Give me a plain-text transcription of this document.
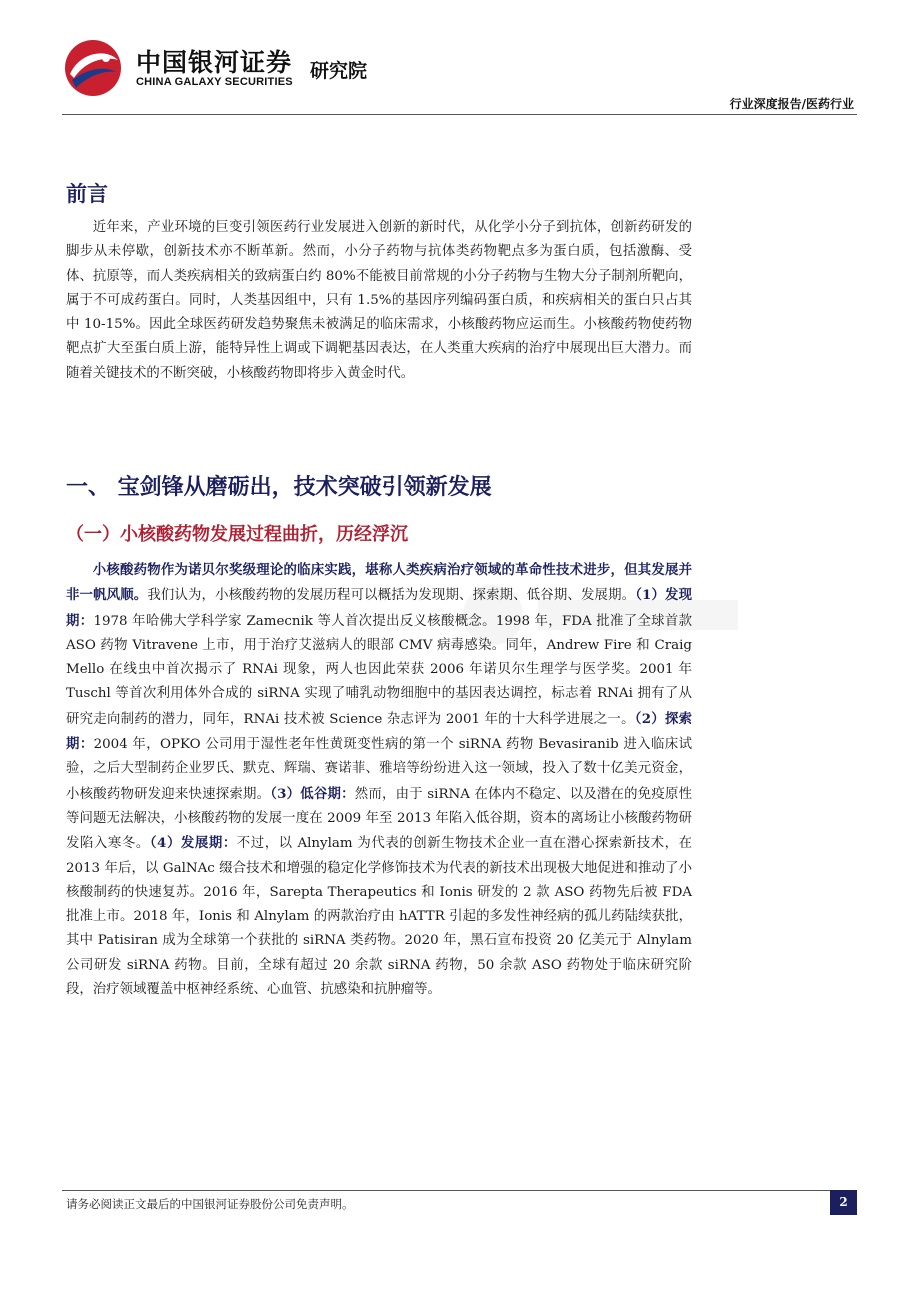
中国银河证券
CHINA GALAXY SECURITIES 研究院
行业深度报告/医药行业
前言

近年来，产业环境的巨变引领医药行业发展进入创新的新时代，从化学小分子到抗体，创新药研发的脚步从未停歇，创新技术亦不断革新。然而，小分子药物与抗体类药物靶点多为蛋白质，包括激酶、受体、抗原等，而人类疾病相关的致病蛋白约 80%不能被目前常规的小分子药物与生物大分子制剂所靶向，属于不可成药蛋白。同时，人类基因组中，只有 1.5%的基因序列编码蛋白质，和疾病相关的蛋白只占其中 10-15%。因此全球医药研发趋势聚焦未被满足的临床需求，小核酸药物应运而生。小核酸药物使药物靶点扩大至蛋白质上游，能特异性上调或下调靶基因表达，在人类重大疾病的治疗中展现出巨大潜力。而随着关键技术的不断突破，小核酸药物即将步入黄金时代。

一、 宝剑锋从磨砺出，技术突破引领新发展
（一）小核酸药物发展过程曲折，历经浮沉

小核酸药物作为诺贝尔奖级理论的临床实践，堪称人类疾病治疗领域的革命性技术进步，但其发展并非一帆风顺。我们认为，小核酸药物的发展历程可以概括为发现期、探索期、低谷期、发展期。（1）发现期：1978 年哈佛大学科学家 Zamecnik 等人首次提出反义核酸概念。1998 年，FDA 批准了全球首款 ASO 药物 Vitravene 上市，用于治疗艾滋病人的眼部 CMV 病毒感染。同年，Andrew Fire 和 Craig Mello 在线虫中首次揭示了 RNAi 现象，两人也因此荣获 2006 年诺贝尔生理学与医学奖。2001 年 Tuschl 等首次利用体外合成的 siRNA 实现了哺乳动物细胞中的基因表达调控，标志着 RNAi 拥有了从研究走向制药的潜力，同年，RNAi 技术被 Science 杂志评为 2001 年的十大科学进展之一。（2）探索期：2004 年，OPKO 公司用于湿性老年性黄斑变性病的第一个 siRNA 药物 Bevasiranib 进入临床试验，之后大型制药企业罗氏、默克、辉瑞、赛诺菲、雅培等纷纷进入这一领域，投入了数十亿美元资金，小核酸药物研发迎来快速探索期。（3）低谷期：然而，由于 siRNA 在体内不稳定、以及潜在的免疫原性等问题无法解决，小核酸药物的发展一度在 2009 年至 2013 年陷入低谷期，资本的离场让小核酸药物研发陷入寒冬。（4）发展期：不过，以 Alnylam 为代表的创新生物技术企业一直在潜心探索新技术，在 2013 年后，以 GalNAc 缀合技术和增强的稳定化学修饰技术为代表的新技术出现极大地促进和推动了小核酸制药的快速复苏。2016 年，Sarepta Therapeutics 和 Ionis 研发的 2 款 ASO 药物先后被 FDA 批准上市。2018 年，Ionis 和 Alnylam 的两款治疗由 hATTR 引起的多发性神经病的孤儿药陆续获批，其中 Patisiran 成为全球第一个获批的 siRNA 类药物。2020 年，黑石宣布投资 20 亿美元于 Alnylam 公司研发 siRNA 药物。目前，全球有超过 20 余款 siRNA 药物，50 余款 ASO 药物处于临床研究阶段，治疗领域覆盖中枢神经系统、心血管、抗感染和抗肿瘤等。

请务必阅读正文最后的中国银河证券股份公司免责声明。	2
